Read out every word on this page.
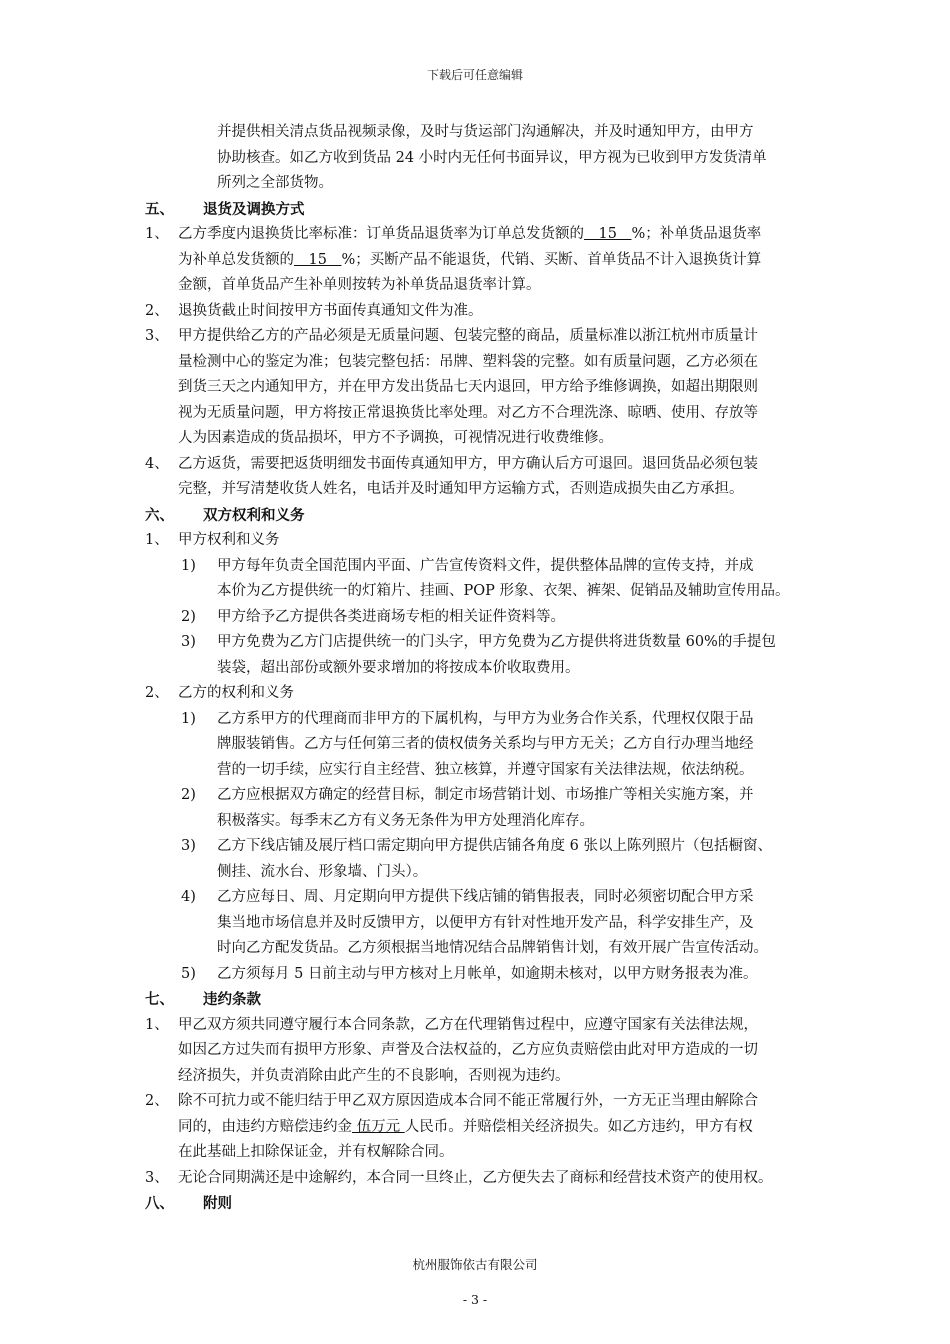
下载后可任意编辑
并提供相关清点货品视频录像，及时与货运部门沟通解决，并及时通知甲方，由甲方
协助核查。如乙方收到货品 24 小时内无任何书面异议，甲方视为已收到甲方发货清单
所列之全部货物。
五、 退货及调换方式
1、 乙方季度内退换货比率标准：订单货品退货率为订单总发货额的　15　%；补单货品退货率
为补单总发货额的　15　%；买断产品不能退货，代销、买断、首单货品不计入退换货计算
金额，首单货品产生补单则按转为补单货品退货率计算。
2、 退换货截止时间按甲方书面传真通知文件为准。
3、 甲方提供给乙方的产品必须是无质量问题、包装完整的商品，质量标准以浙江杭州市质量计
量检测中心的鉴定为准；包装完整包括：吊牌、塑料袋的完整。如有质量问题，乙方必须在
到货三天之内通知甲方，并在甲方发出货品七天内退回，甲方给予维修调换，如超出期限则
视为无质量问题，甲方将按正常退换货比率处理。对乙方不合理洗涤、晾晒、使用、存放等
人为因素造成的货品损坏，甲方不予调换，可视情况进行收费维修。
4、 乙方返货，需要把返货明细发书面传真通知甲方，甲方确认后方可退回。退回货品必须包装
完整，并写清楚收货人姓名，电话并及时通知甲方运输方式，否则造成损失由乙方承担。
六、 双方权利和义务
1、 甲方权利和义务
1) 甲方每年负责全国范围内平面、广告宣传资料文件，提供整体品牌的宣传支持，并成
本价为乙方提供统一的灯箱片、挂画、POP 形象、衣架、裤架、促销品及辅助宣传用品。
2) 甲方给予乙方提供各类进商场专柜的相关证件资料等。
3) 甲方免费为乙方门店提供统一的门头字，甲方免费为乙方提供将进货数量 60%的手提包
装袋，超出部份或额外要求增加的将按成本价收取费用。
2、 乙方的权利和义务
1) 乙方系甲方的代理商而非甲方的下属机构，与甲方为业务合作关系，代理权仅限于品
牌服装销售。乙方与任何第三者的债权债务关系均与甲方无关；乙方自行办理当地经
营的一切手续，应实行自主经营、独立核算，并遵守国家有关法律法规，依法纳税。
2) 乙方应根据双方确定的经营目标，制定市场营销计划、市场推广等相关实施方案，并
积极落实。每季末乙方有义务无条件为甲方处理消化库存。
3) 乙方下线店铺及展厅档口需定期向甲方提供店铺各角度 6 张以上陈列照片（包括橱窗、
侧挂、流水台、形象墙、门头）。
4) 乙方应每日、周、月定期向甲方提供下线店铺的销售报表，同时必须密切配合甲方采
集当地市场信息并及时反馈甲方，以便甲方有针对性地开发产品，科学安排生产，及
时向乙方配发货品。乙方须根据当地情况结合品牌销售计划，有效开展广告宣传活动。
5) 乙方须每月 5 日前主动与甲方核对上月帐单，如逾期未核对，以甲方财务报表为准。
七、 违约条款
1、 甲乙双方须共同遵守履行本合同条款，乙方在代理销售过程中，应遵守国家有关法律法规，
如因乙方过失而有损甲方形象、声誉及合法权益的，乙方应负责赔偿由此对甲方造成的一切
经济损失，并负责消除由此产生的不良影响，否则视为违约。
2、 除不可抗力或不能归结于甲乙双方原因造成本合同不能正常履行外，一方无正当理由解除合
同的，由违约方赔偿违约金 伍万元 人民币。并赔偿相关经济损失。如乙方违约，甲方有权
在此基础上扣除保证金，并有权解除合同。
3、 无论合同期满还是中途解约，本合同一旦终止，乙方便失去了商标和经营技术资产的使用权。
八、 附则
杭州服饰依古有限公司
- 3 -
